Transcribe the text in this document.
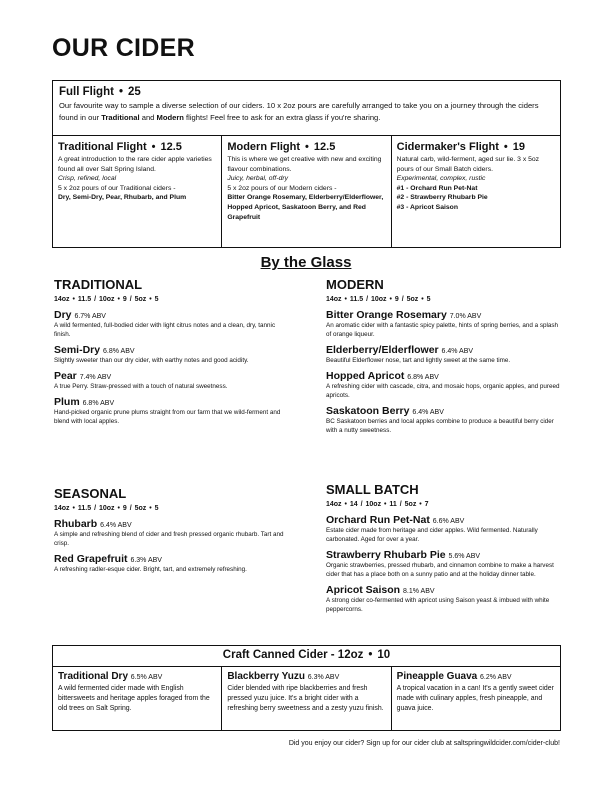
OUR CIDER
Full Flight • 25
Our favourite way to sample a diverse selection of our ciders. 10 x 2oz pours are carefully arranged to take you on a journey through the ciders found in our Traditional and Modern flights! Feel free to ask for an extra glass if you're sharing.
Traditional Flight • 12.5
A great introduction to the rare cider apple varieties found all over Salt Spring Island.
Crisp, refined, local
5 x 2oz pours of our Traditional ciders -
Dry, Semi-Dry, Pear, Rhubarb, and Plum
Modern Flight • 12.5
This is where we get creative with new and exciting flavour combinations.
Juicy, herbal, off-dry
5 x 2oz pours of our Modern ciders -
Bitter Orange Rosemary, Elderberry/Elderflower, Hopped Apricot, Saskatoon Berry, and Red Grapefruit
Cidermaker's Flight • 19
Natural carb, wild-ferment, aged sur lie. 3 x 5oz pours of our Small Batch ciders.
Experimental, complex, rustic
#1 - Orchard Run Pet-Nat
#2 - Strawberry Rhubarb Pie
#3 - Apricot Saison
By the Glass
TRADITIONAL
14oz • 11.5 / 10oz • 9 / 5oz • 5
Dry 6.7% ABV
A wild fermented, full-bodied cider with light citrus notes and a clean, dry, tannic finish.
Semi-Dry 6.8% ABV
Slightly sweeter than our dry cider, with earthy notes and good acidity.
Pear 7.4% ABV
A true Perry. Straw-pressed with a touch of natural sweetness.
Plum 6.8% ABV
Hand-picked organic prune plums straight from our farm that we wild-ferment and blend with local apples.
MODERN
14oz • 11.5 / 10oz • 9 / 5oz • 5
Bitter Orange Rosemary 7.0% ABV
An aromatic cider with a fantastic spicy palette, hints of spring berries, and a splash of orange liqueur.
Elderberry/Elderflower 6.4% ABV
Beautiful Elderflower nose, tart and lightly sweet at the same time.
Hopped Apricot 6.8% ABV
A refreshing cider with cascade, citra, and mosaic hops, organic apples, and pureed apricots.
Saskatoon Berry 6.4% ABV
BC Saskatoon berries and local apples combine to produce a beautiful berry cider with a nutty sweetness.
SEASONAL
14oz • 11.5 / 10oz • 9 / 5oz • 5
Rhubarb 6.4% ABV
A simple and refreshing blend of cider and fresh pressed organic rhubarb. Tart and crisp.
Red Grapefruit 6.3% ABV
A refreshing radler-esque cider. Bright, tart, and extremely refreshing.
SMALL BATCH
14oz • 14 / 10oz • 11 / 5oz • 7
Orchard Run Pet-Nat 6.6% ABV
Estate cider made from heritage and cider apples. Wild fermented. Naturally carbonated. Aged for over a year.
Strawberry Rhubarb Pie 5.6% ABV
Organic strawberries, pressed rhubarb, and cinnamon combine to make a harvest cider that has a place both on a sunny patio and at the holiday dinner table.
Apricot Saison 8.1% ABV
A strong cider co-fermented with apricot using Saison yeast & imbued with white peppercorns.
Craft Canned Cider - 12oz • 10
Traditional Dry 6.5% ABV
A wild fermented cider made with English bittersweets and heritage apples foraged from the old trees on Salt Spring.
Blackberry Yuzu 6.3% ABV
Cider blended with ripe blackberries and fresh pressed yuzu juice. It's a bright cider with a refreshing berry sweetness and a zesty yuzu finish.
Pineapple Guava 6.2% ABV
A tropical vacation in a can! It's a gently sweet cider made with culinary apples, fresh pineapple, and guava juice.
Did you enjoy our cider? Sign up for our cider club at saltspringwildcider.com/cider-club!
